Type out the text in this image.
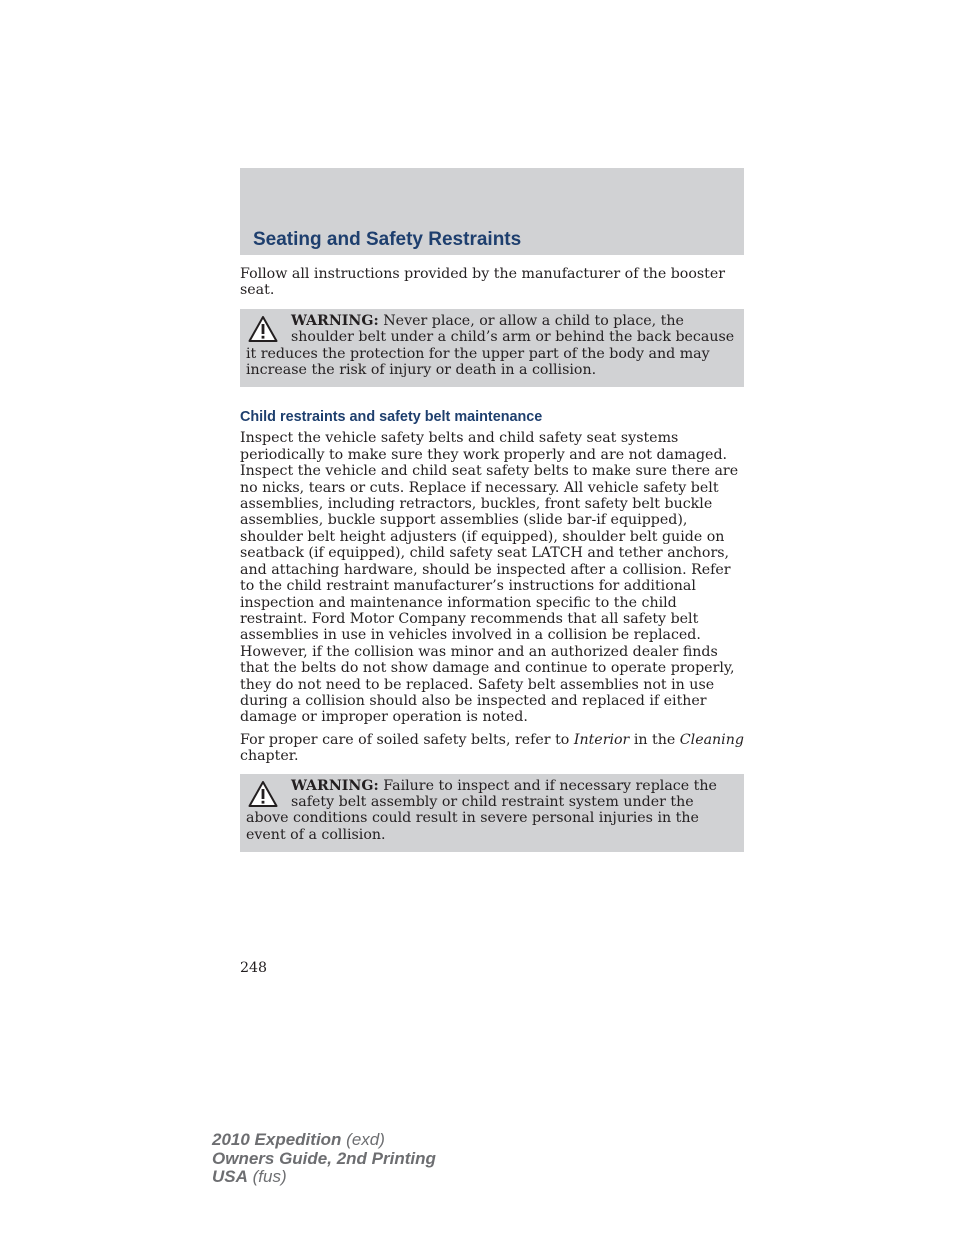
Seating and Safety Restraints

Follow all instructions provided by the manufacturer of the booster seat.

WARNING: Never place, or allow a child to place, the shoulder belt under a child’s arm or behind the back because it reduces the protection for the upper part of the body and may increase the risk of injury or death in a collision.

Child restraints and safety belt maintenance

Inspect the vehicle safety belts and child safety seat systems periodically to make sure they work properly and are not damaged. Inspect the vehicle and child seat safety belts to make sure there are no nicks, tears or cuts. Replace if necessary. All vehicle safety belt assemblies, including retractors, buckles, front safety belt buckle assemblies, buckle support assemblies (slide bar-if equipped), shoulder belt height adjusters (if equipped), shoulder belt guide on seatback (if equipped), child safety seat LATCH and tether anchors, and attaching hardware, should be inspected after a collision. Refer to the child restraint manufacturer’s instructions for additional inspection and maintenance information specific to the child restraint. Ford Motor Company recommends that all safety belt assemblies in use in vehicles involved in a collision be replaced. However, if the collision was minor and an authorized dealer finds that the belts do not show damage and continue to operate properly, they do not need to be replaced. Safety belt assemblies not in use during a collision should also be inspected and replaced if either damage or improper operation is noted.

For proper care of soiled safety belts, refer to Interior in the Cleaning chapter.

WARNING: Failure to inspect and if necessary replace the safety belt assembly or child restraint system under the above conditions could result in severe personal injuries in the event of a collision.

248
2010 Expedition (exd)
Owners Guide, 2nd Printing
USA (fus)
